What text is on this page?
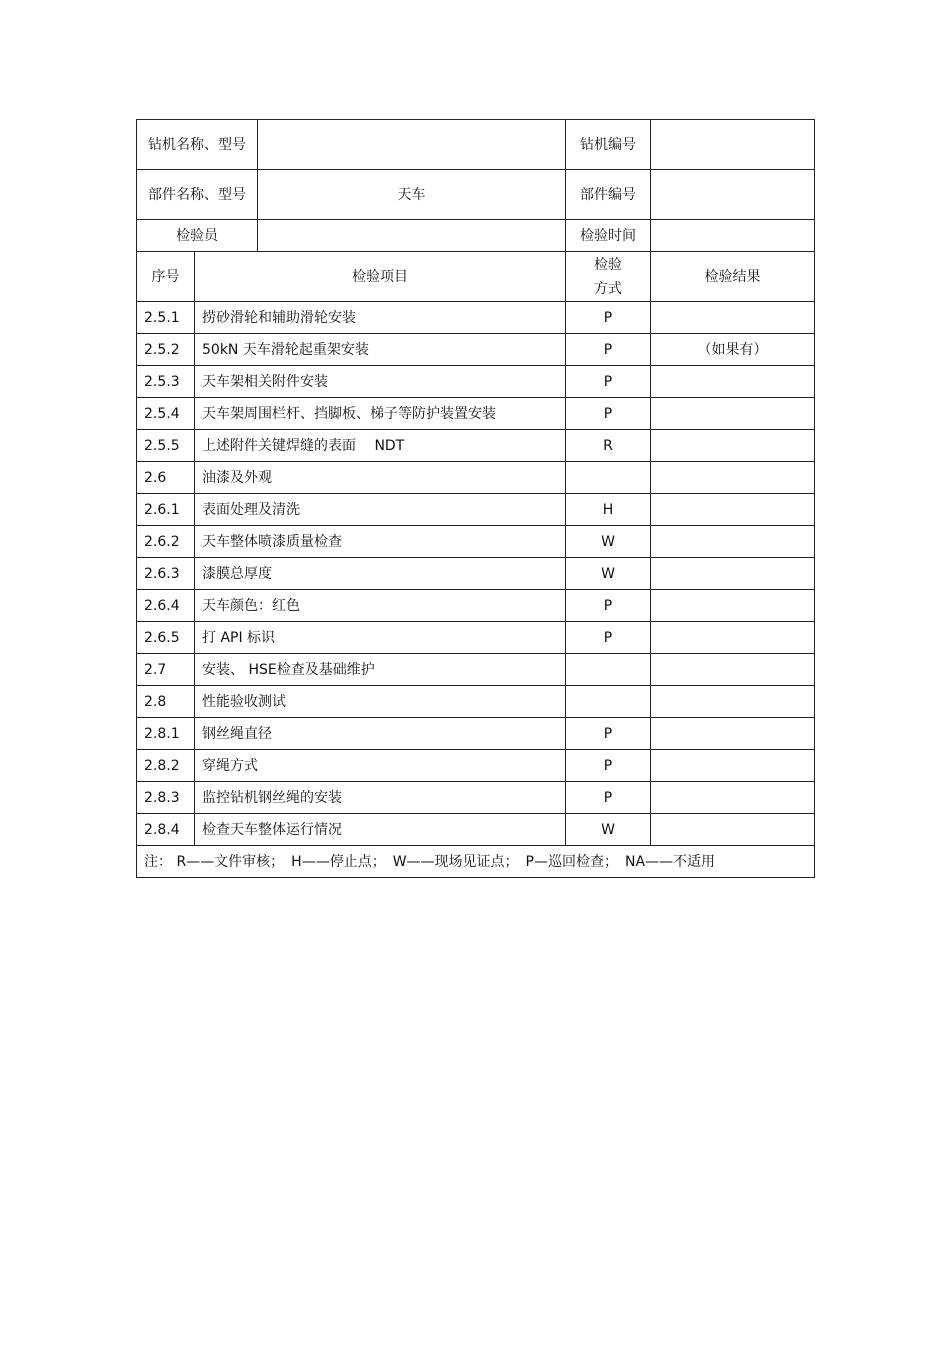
钻机名称、型号			钻机编号	
部件名称、型号		天车	部件编号	
检验员			检验时间	
序号	检验项目		检验方式	检验结果
2.5.1	捞砂滑轮和辅助滑轮安装		P	
2.5.2	50kN 天车滑轮起重架安装		P	（如果有）
2.5.3	天车架相关附件安装		P	
2.5.4	天车架周围栏杆、挡脚板、梯子等防护装置安装		P	
2.5.5	上述附件关键焊缝的表面　 NDT		R	
2.6	油漆及外观			
2.6.1	表面处理及清洗		H	
2.6.2	天车整体喷漆质量检查		W	
2.6.3	漆膜总厚度		W	
2.6.4	天车颜色：红色		P	
2.6.5	打 API 标识		P	
2.7	安装、 HSE检查及基础维护			
2.8	性能验收测试			
2.8.1	钢丝绳直径		P	
2.8.2	穿绳方式		P	
2.8.3	监控钻机钢丝绳的安装		P	
2.8.4	检查天车整体运行情况		W	
注： R——文件审核；　H——停止点；　W——现场见证点；　P—巡回检查；　NA——不适用				
